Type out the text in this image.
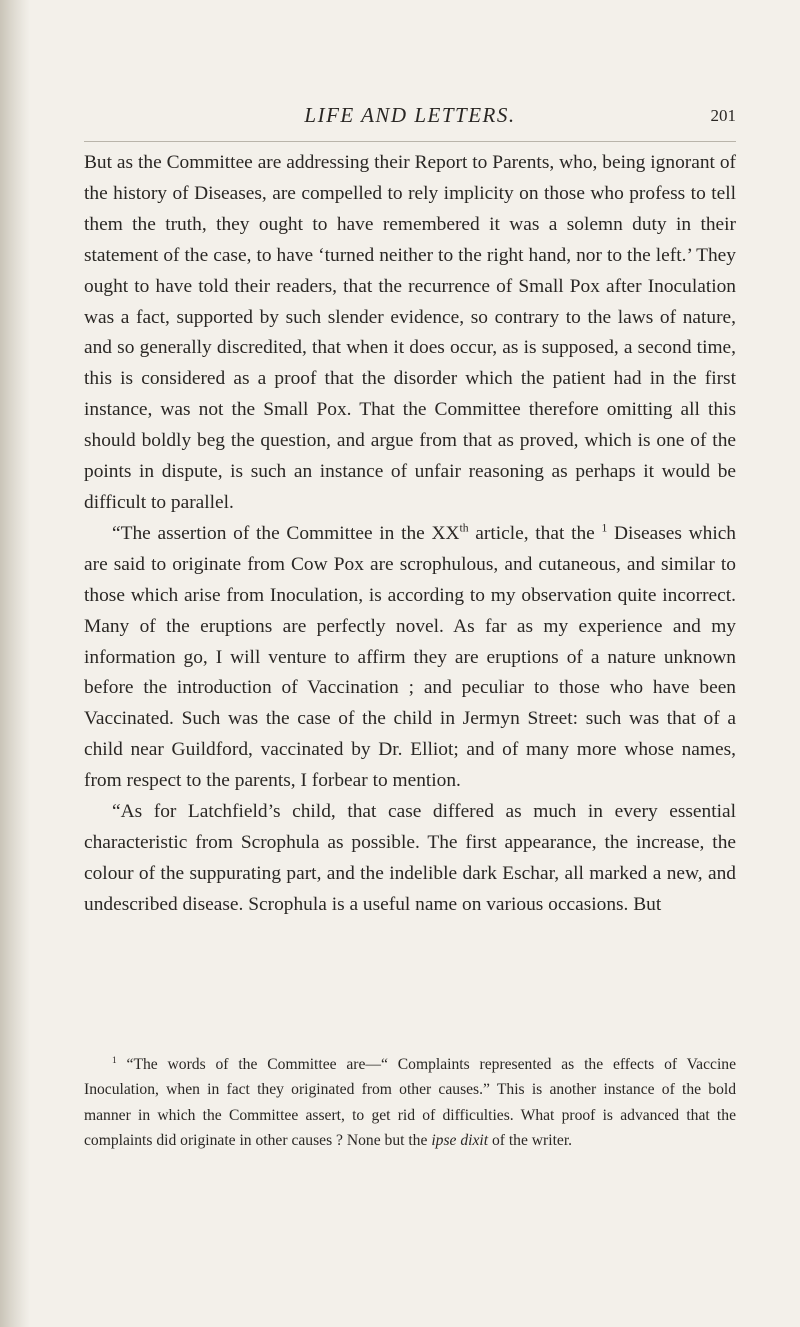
LIFE AND LETTERS.	201

But as the Committee are addressing their Report to Parents, who, being ignorant of the history of Diseases, are compelled to rely implicity on those who profess to tell them the truth, they ought to have remembered it was a solemn duty in their statement of the case, to have ‘turned neither to the right hand, nor to the left.’ They ought to have told their readers, that the recurrence of Small Pox after Inoculation was a fact, supported by such slender evidence, so contrary to the laws of nature, and so generally discredited, that when it does occur, as is supposed, a second time, this is considered as a proof that the disorder which the patient had in the first instance, was not the Small Pox. That the Committee therefore omitting all this should boldly beg the question, and argue from that as proved, which is one of the points in dispute, is such an instance of unfair reasoning as perhaps it would be difficult to parallel.

“The assertion of the Committee in the XXth article, that the $^1$ Diseases which are said to originate from Cow Pox are scrophulous, and cutaneous, and similar to those which arise from Inoculation, is according to my observation quite incorrect. Many of the eruptions are perfectly novel. As far as my experience and my information go, I will venture to affirm they are eruptions of a nature unknown before the introduction of Vaccination ; and peculiar to those who have been Vaccinated. Such was the case of the child in Jermyn Street: such was that of a child near Guildford, vaccinated by Dr. Elliot; and of many more whose names, from respect to the parents, I forbear to mention.

“As for Latchfield’s child, that case differed as much in every essential characteristic from Scrophula as possible. The first appearance, the increase, the colour of the suppurating part, and the indelible dark Eschar, all marked a new, and undescribed disease. Scrophula is a useful name on various occasions. But

$^1$ “The words of the Committee are—“ Complaints represented as the effects of Vaccine Inoculation, when in fact they originated from other causes.” This is another instance of the bold manner in which the Committee assert, to get rid of difficulties. What proof is advanced that the complaints did originate in other causes ? None but the ipse dixit of the writer.
